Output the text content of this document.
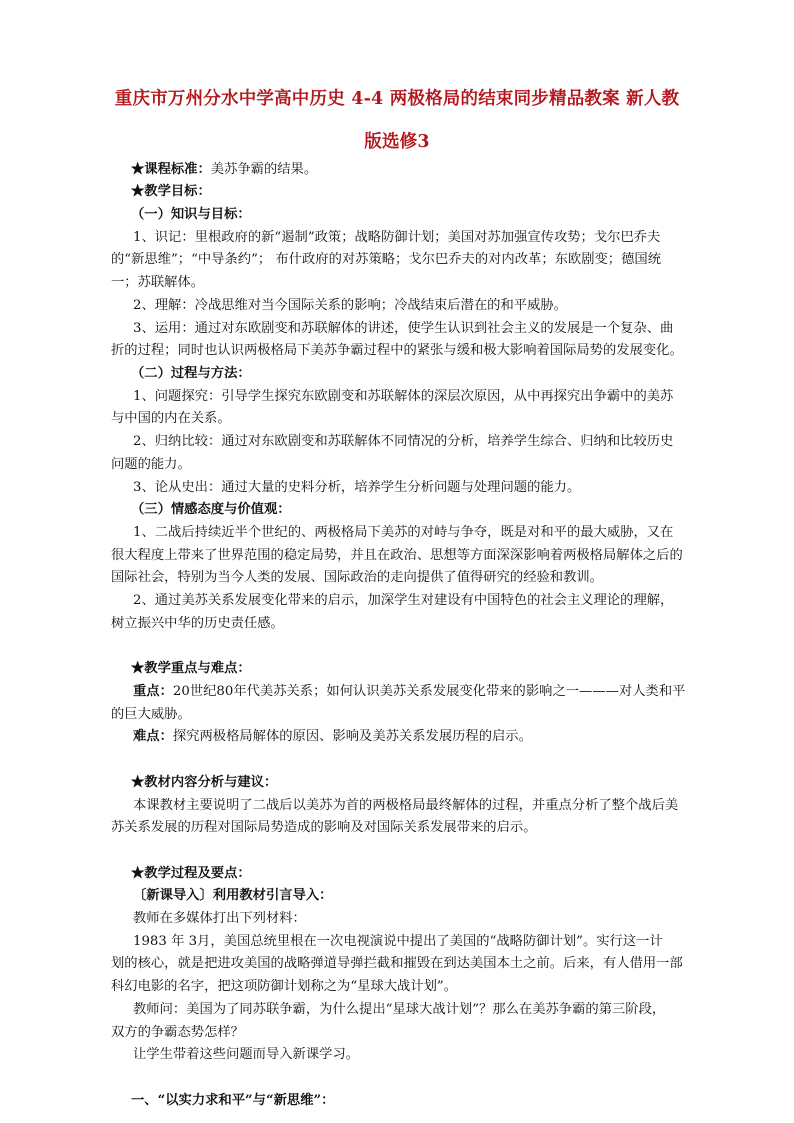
重庆市万州分水中学高中历史 4-4 两极格局的结束同步精品教案 新人教
版选修3
★课程标准：美苏争霸的结果。
★教学目标：
（一）知识与目标：
1、识记：里根政府的新“遏制”政策；战略防御计划；美国对苏加强宣传攻势；戈尔巴乔夫
的“新思维”；“中导条约”； 布什政府的对苏策略；戈尔巴乔夫的对内改革；东欧剧变；德国统
一；苏联解体。
2、理解：冷战思维对当今国际关系的影响；冷战结束后潜在的和平威胁。
3、运用：通过对东欧剧变和苏联解体的讲述，使学生认识到社会主义的发展是一个复杂、曲
折的过程；同时也认识两极格局下美苏争霸过程中的紧张与缓和极大影响着国际局势的发展变化。
（二）过程与方法：
1、问题探究：引导学生探究东欧剧变和苏联解体的深层次原因，从中再探究出争霸中的美苏
与中国的内在关系。
2、归纳比较：通过对东欧剧变和苏联解体不同情况的分析，培养学生综合、归纳和比较历史
问题的能力。
3、论从史出：通过大量的史料分析，培养学生分析问题与处理问题的能力。
（三）情感态度与价值观：
1、二战后持续近半个世纪的、两极格局下美苏的对峙与争夺，既是对和平的最大威胁，又在
很大程度上带来了世界范围的稳定局势，并且在政治、思想等方面深深影响着两极格局解体之后的
国际社会，特别为当今人类的发展、国际政治的走向提供了值得研究的经验和教训。
2、通过美苏关系发展变化带来的启示，加深学生对建设有中国特色的社会主义理论的理解，
树立振兴中华的历史责任感。
★教学重点与难点：
重点：20世纪80年代美苏关系；如何认识美苏关系发展变化带来的影响之一———对人类和平
的巨大威胁。
难点：探究两极格局解体的原因、影响及美苏关系发展历程的启示。
★教材内容分析与建议：
本课教材主要说明了二战后以美苏为首的两极格局最终解体的过程，并重点分析了整个战后美
苏关系发展的历程对国际局势造成的影响及对国际关系发展带来的启示。
★教学过程及要点：
〔新课导入〕利用教材引言导入：
教师在多媒体打出下列材料：
1983 年 3月，美国总统里根在一次电视演说中提出了美国的“战略防御计划”。实行这一计
划的核心，就是把进攻美国的战略弹道导弹拦截和摧毁在到达美国本土之前。后来，有人借用一部
科幻电影的名字，把这项防御计划称之为“星球大战计划”。
教师问：美国为了同苏联争霸，为什么提出“星球大战计划”？那么在美苏争霸的第三阶段，
双方的争霸态势怎样？
让学生带着这些问题而导入新课学习。
一、“以实力求和平”与“新思维”：
